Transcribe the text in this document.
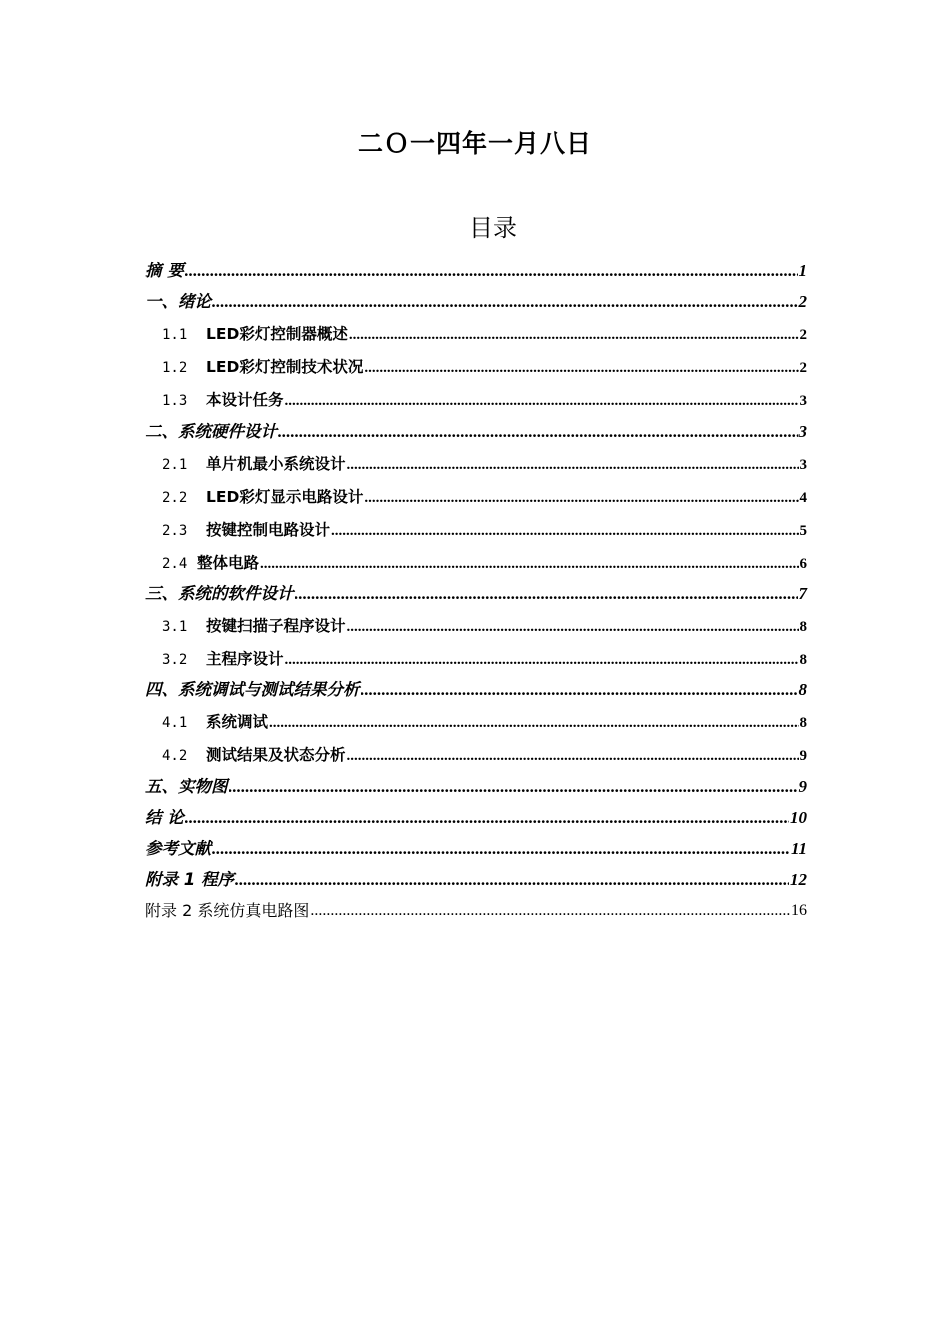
二Ｏ一四年一月八日
目录
摘 要 .....	1
一、绪论 .....	2
1.1 LED彩灯控制器概述 .....	2
1.2 LED彩灯控制技术状况 .....	2
1.3 本设计任务 .....	3
二、系统硬件设计 .....	3
2.1 单片机最小系统设计 .....	3
2.2 LED彩灯显示电路设计 .....	4
2.3 按键控制电路设计 .....	5
2.4 整体电路 .....	6
三、系统的软件设计 .....	7
3.1 按键扫描子程序设计 .....	8
3.2 主程序设计 .....	8
四、系统调试与测试结果分析 .....	8
4.1 系统调试 .....	8
4.2 测试结果及状态分析 .....	9
五、实物图 .....	9
结 论 .....	10
参考文献 .....	11
附录 1 程序 .....	12
附录 2 系统仿真电路图 .....	16
